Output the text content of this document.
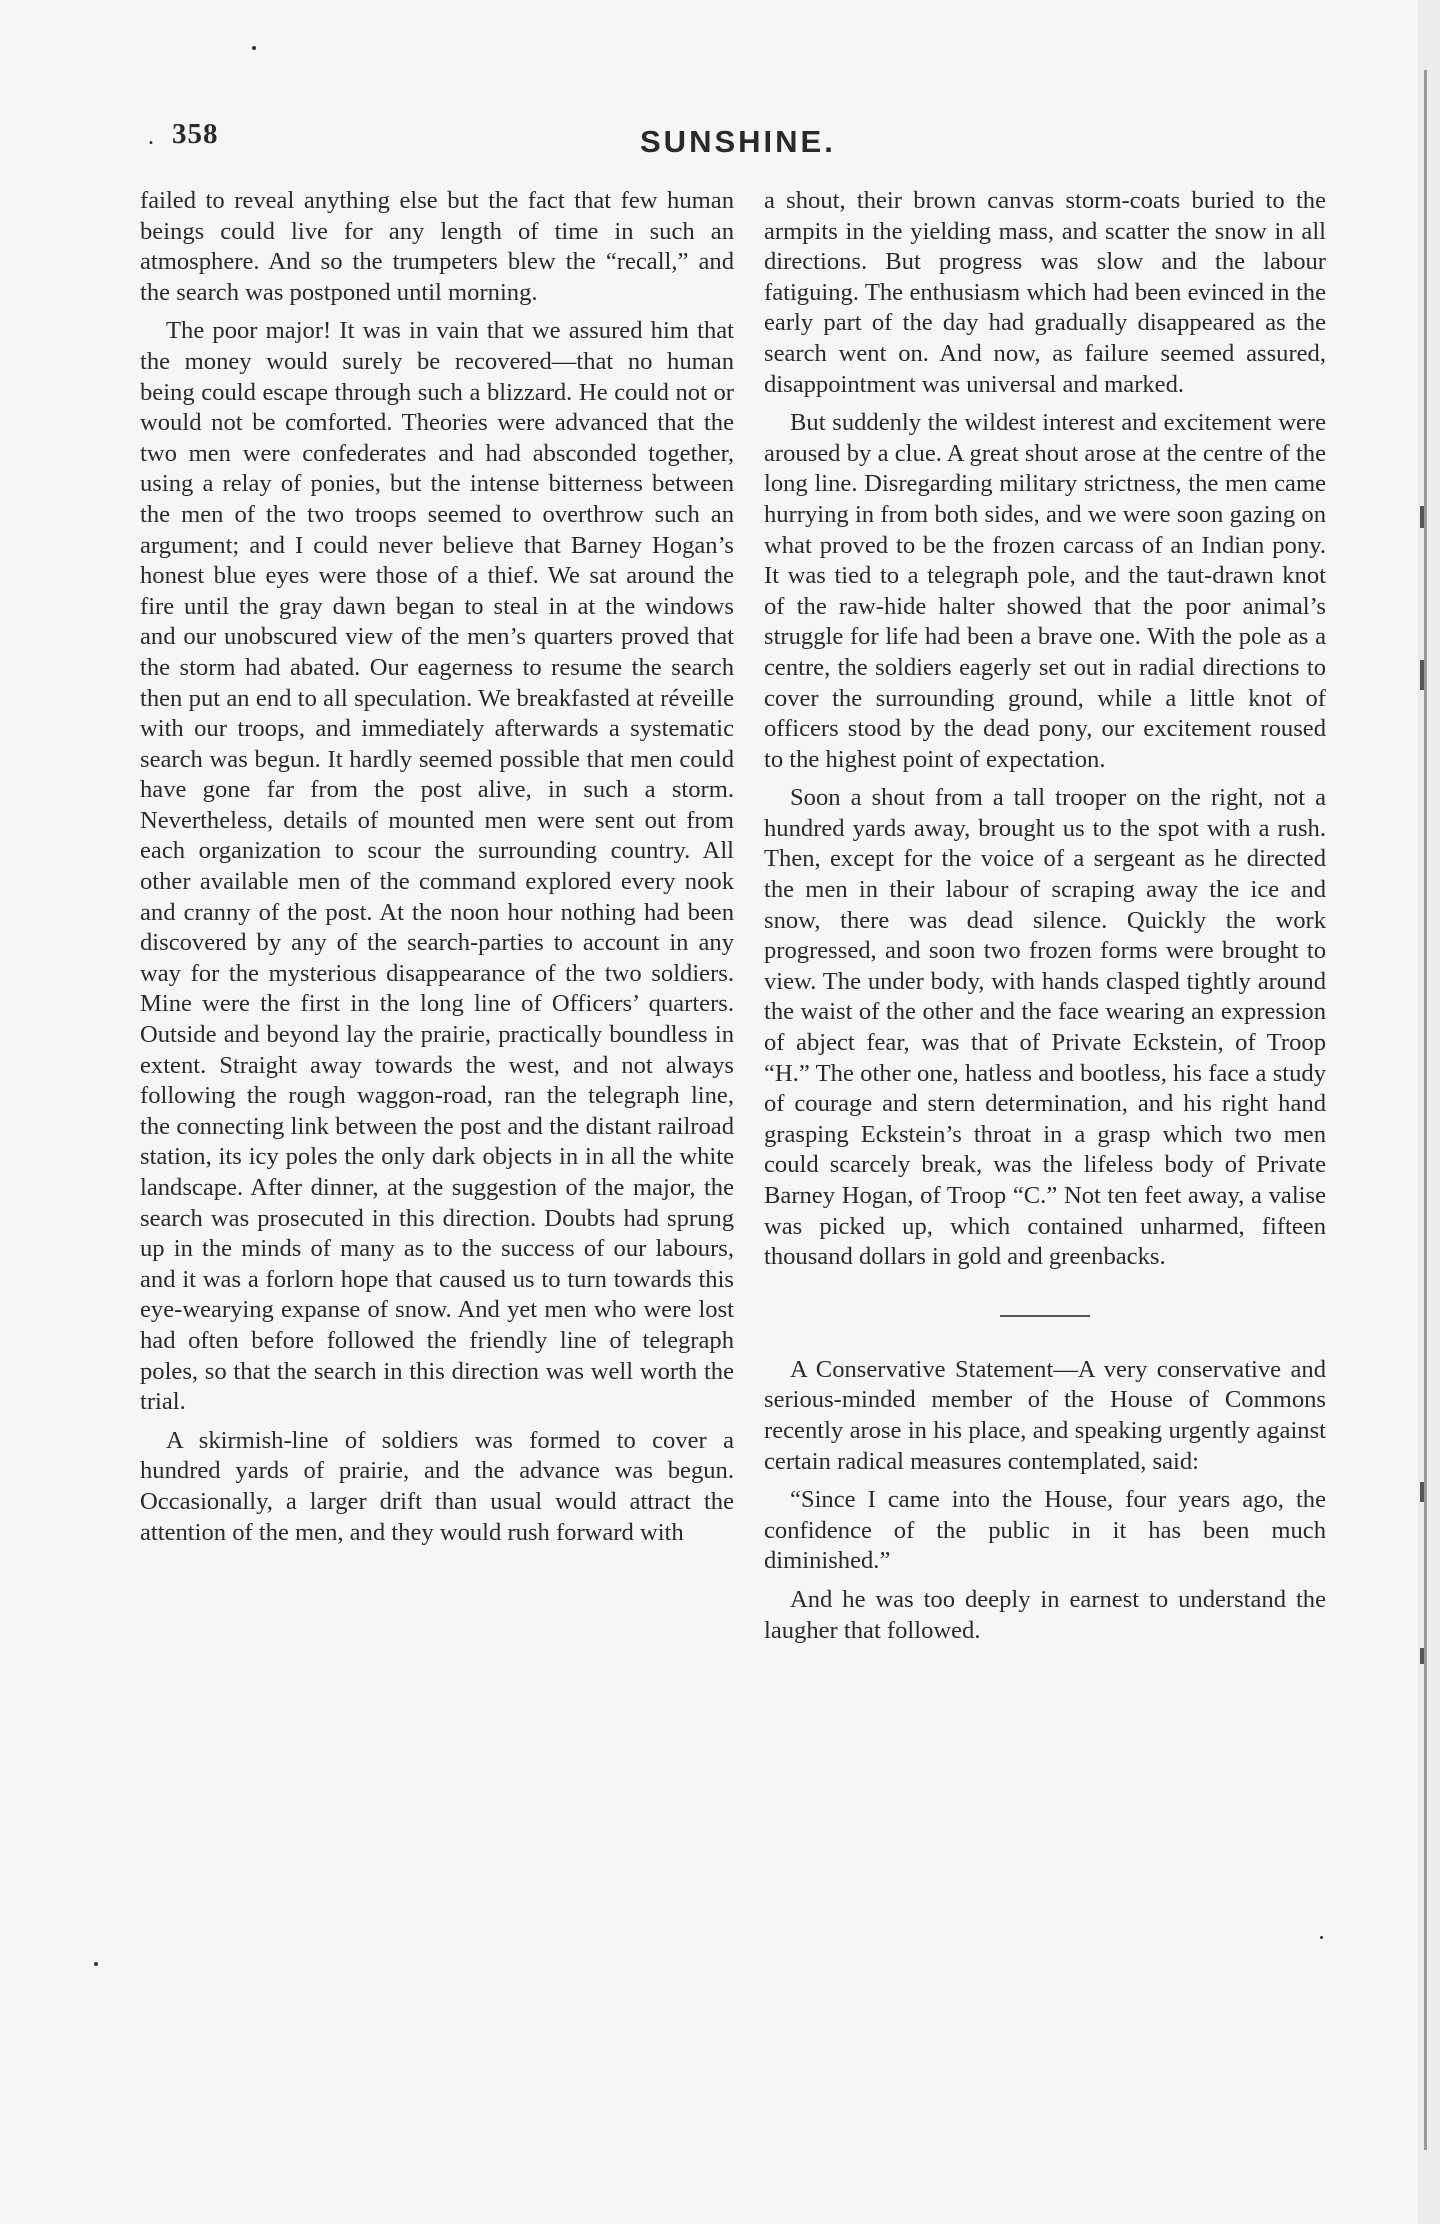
. 358	SUNSHINE.

failed to reveal anything else but the fact that few human beings could live for any length of time in such an atmosphere. And so the trumpeters blew the “recall,” and the search was postponed until morning.

The poor major! It was in vain that we assured him that the money would surely be recovered—that no human being could escape through such a blizzard. He could not or would not be comforted. Theories were advanced that the two men were confederates and had absconded together, using a relay of ponies, but the intense bitterness between the men of the two troops seemed to overthrow such an argument; and I could never believe that Barney Hogan’s honest blue eyes were those of a thief. We sat around the fire until the gray dawn began to steal in at the windows and our unobscured view of the men’s quarters proved that the storm had abated. Our eagerness to resume the search then put an end to all speculation. We breakfasted at réveille with our troops, and immediately afterwards a systematic search was begun. It hardly seemed possible that men could have gone far from the post alive, in such a storm. Nevertheless, details of mounted men were sent out from each organization to scour the surrounding country. All other available men of the command explored every nook and cranny of the post. At the noon hour nothing had been discovered by any of the search-parties to account in any way for the mysterious disappearance of the two soldiers. Mine were the first in the long line of Officers’ quarters. Outside and beyond lay the prairie, practically boundless in extent. Straight away towards the west, and not always following the rough waggon-road, ran the telegraph line, the connecting link between the post and the distant railroad station, its icy poles the only dark objects in in all the white landscape. After dinner, at the suggestion of the major, the search was prosecuted in this direction. Doubts had sprung up in the minds of many as to the success of our labours, and it was a forlorn hope that caused us to turn towards this eye-wearying expanse of snow. And yet men who were lost had often before followed the friendly line of telegraph poles, so that the search in this direction was well worth the trial.

A skirmish-line of soldiers was formed to cover a hundred yards of prairie, and the advance was begun. Occasionally, a larger drift than usual would attract the attention of the men, and they would rush forward with

a shout, their brown canvas storm-coats buried to the armpits in the yielding mass, and scatter the snow in all directions. But progress was slow and the labour fatiguing. The enthusiasm which had been evinced in the early part of the day had gradually disappeared as the search went on. And now, as failure seemed assured, disappointment was universal and marked.

But suddenly the wildest interest and excitement were aroused by a clue. A great shout arose at the centre of the long line. Disregarding military strictness, the men came hurrying in from both sides, and we were soon gazing on what proved to be the frozen carcass of an Indian pony. It was tied to a telegraph pole, and the taut-drawn knot of the raw-hide halter showed that the poor animal’s struggle for life had been a brave one. With the pole as a centre, the soldiers eagerly set out in radial directions to cover the surrounding ground, while a little knot of officers stood by the dead pony, our excitement roused to the highest point of expectation.

Soon a shout from a tall trooper on the right, not a hundred yards away, brought us to the spot with a rush. Then, except for the voice of a sergeant as he directed the men in their labour of scraping away the ice and snow, there was dead silence. Quickly the work progressed, and soon two frozen forms were brought to view. The under body, with hands clasped tightly around the waist of the other and the face wearing an expression of abject fear, was that of Private Eckstein, of Troop “H.” The other one, hatless and bootless, his face a study of courage and stern determination, and his right hand grasping Eckstein’s throat in a grasp which two men could scarcely break, was the lifeless body of Private Barney Hogan, of Troop “C.” Not ten feet away, a valise was picked up, which contained unharmed, fifteen thousand dollars in gold and greenbacks.

A Conservative Statement—A very conservative and serious-minded member of the House of Commons recently arose in his place, and speaking urgently against certain radical measures contemplated, said:

“Since I came into the House, four years ago, the confidence of the public in it has been much diminished.”

And he was too deeply in earnest to understand the laugher that followed.
